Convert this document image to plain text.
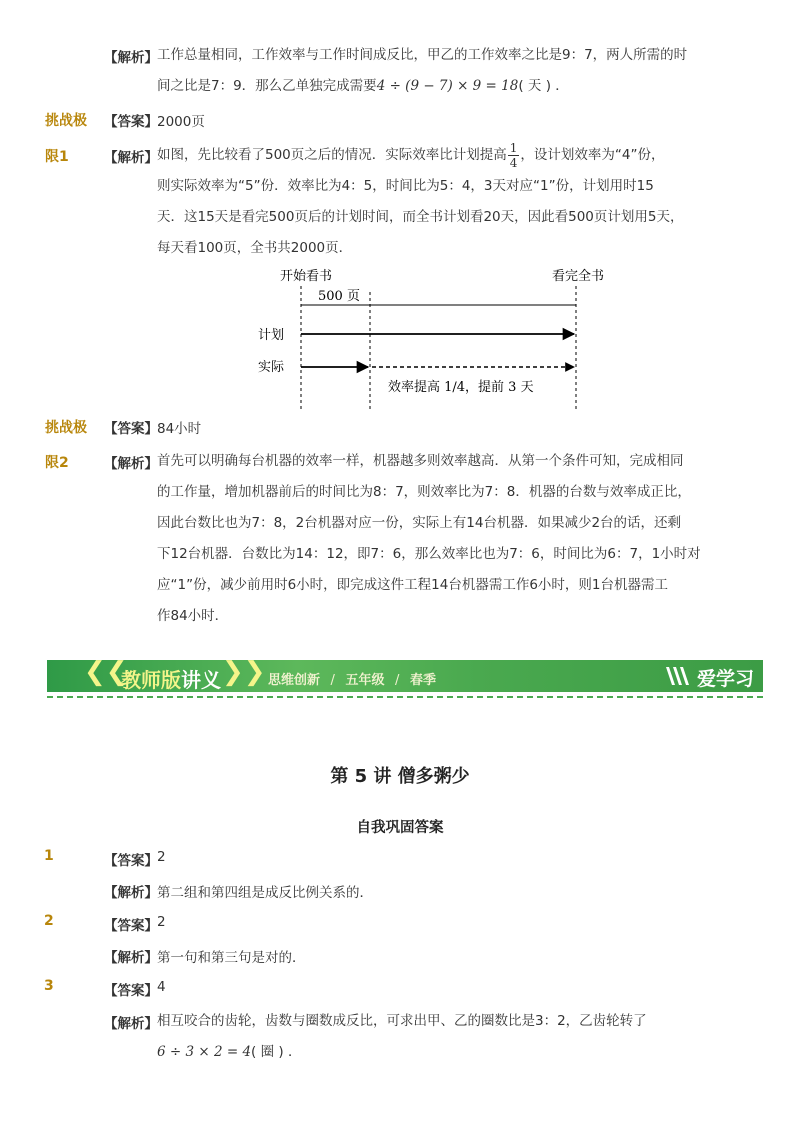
【解析】 工作总量相同，工作效率与工作时间成反比，甲乙的工作效率之比是9：7，两人所需的时
间之比是7：9．那么乙单独完成需要4 ÷ (9 − 7) × 9 = 18( 天 ) ．
挑战极
限1
【答案】 2000页
【解析】 如图，先比较看了500页之后的情况．实际效率比计划提高 $\frac{1}{4}$ ，设计划效率为“4”份，
则实际效率为“5”份．效率比为4：5，时间比为5：4，3天对应“1”份，计划用时15
天．这15天是看完500页后的计划时间，而全书计划看20天，因此看500页计划用5天，
每天看100页，全书共2000页．
开始看书	看完全书
500 页
计划
实际
效率提高 1/4，提前 3 天
挑战极
限2
【答案】 84小时
【解析】 首先可以明确每台机器的效率一样，机器越多则效率越高．从第一个条件可知，完成相同
的工作量，增加机器前后的时间比为8：7，则效率比为7：8．机器的台数与效率成正比，
因此台数比也为7：8，2台机器对应一份，实际上有14台机器．如果减少2台的话，还剩
下12台机器．台数比为14：12，即7：6，那么效率比也为7：6，时间比为6：7，1小时对
应“1”份，减少前用时6小时，即完成这件工程14台机器需工作6小时，则1台机器需工
作84小时．
❮❮
教师版讲义 ❯❯ 思维创新 / 五年级 / 春季	爱学习
第 5 讲 僧多粥少
自我巩固答案
1	【答案】 2
【解析】 第二组和第四组是成反比例关系的．
2	【答案】 2
【解析】 第一句和第三句是对的．
3	【答案】 4
【解析】 相互咬合的齿轮，齿数与圈数成反比，可求出甲、乙的圈数比是3：2，乙齿轮转了
6 ÷ 3 × 2 = 4( 圈 ) ．
